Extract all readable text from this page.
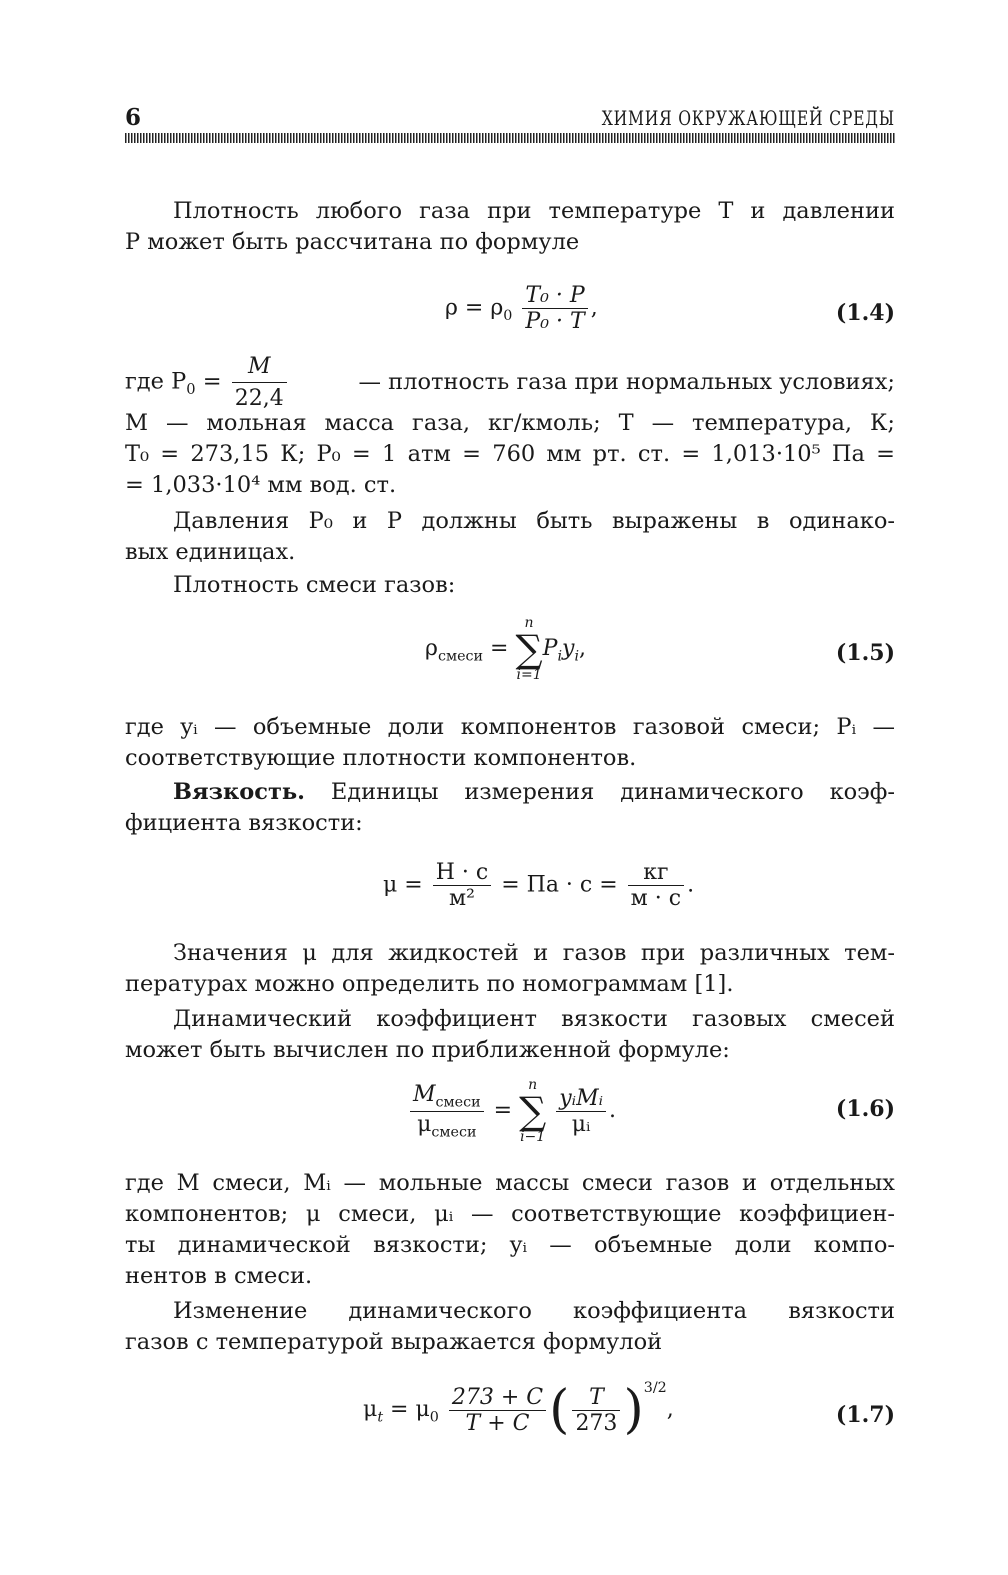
6	ХИМИЯ ОКРУЖАЮЩЕЙ СРЕДЫ
Плотность любого газа при температуре T и давлении
P может быть рассчитана по формуле
$\rho = \rho_0 \frac{\text{T₀ · P}}{\text{P₀ · T}}$ ,	(1.4)
где $P_0 = \frac{M}{22,4}$	— плотность газа при нормальных условиях;
M — мольная масса газа, кг/кмоль; T — температура, К;
T₀ = 273,15 К; P₀ = 1 атм = 760 мм рт. ст. = 1,013·10⁵ Па =
= 1,033·10⁴ мм вод. ст.
Давления P₀ и P должны быть выражены в одинако-
вых единицах.
Плотность смеси газов:
$\rho_{смеси}$ =
n
∑
i=1
$P_iy_i$,	(1.5)
где yᵢ — объемные доли компонентов газовой смеси; Pᵢ —
соответствующие плотности компонентов.
Вязкость. Единицы измерения динамического коэф-
фициента вязкости:
$\mu = \frac{Н \cdot с}{\text{м²}}$ = Па · $с = \frac{кг}{м \cdot с}$ .
Значения μ для жидкостей и газов при различных тем-
пературах можно определить по номограммам [1].
Динамический коэффициент вязкости газовых смесей
может быть вычислен по приближенной формуле:
$\frac{M_{смеси}}{\mu_{смеси}}$ =
n
∑
i−1

$\frac{\text{yᵢMᵢ}}{\text{μᵢ}}$ .	(1.6)
где M смеси, Mᵢ — мольные массы смеси газов и отдельных
компонентов; μ смеси, μᵢ — соответствующие коэффициен-
ты динамической вязкости; yᵢ — объемные доли компо-
нентов в смеси.
Изменение динамического коэффициента вязкости
газов с температурой выражается формулой
$\mu_t = \mu_0 \frac{273 + C}{T + C}$ ( $\frac{T}{273} )^{3/2}$,	(1.7)
